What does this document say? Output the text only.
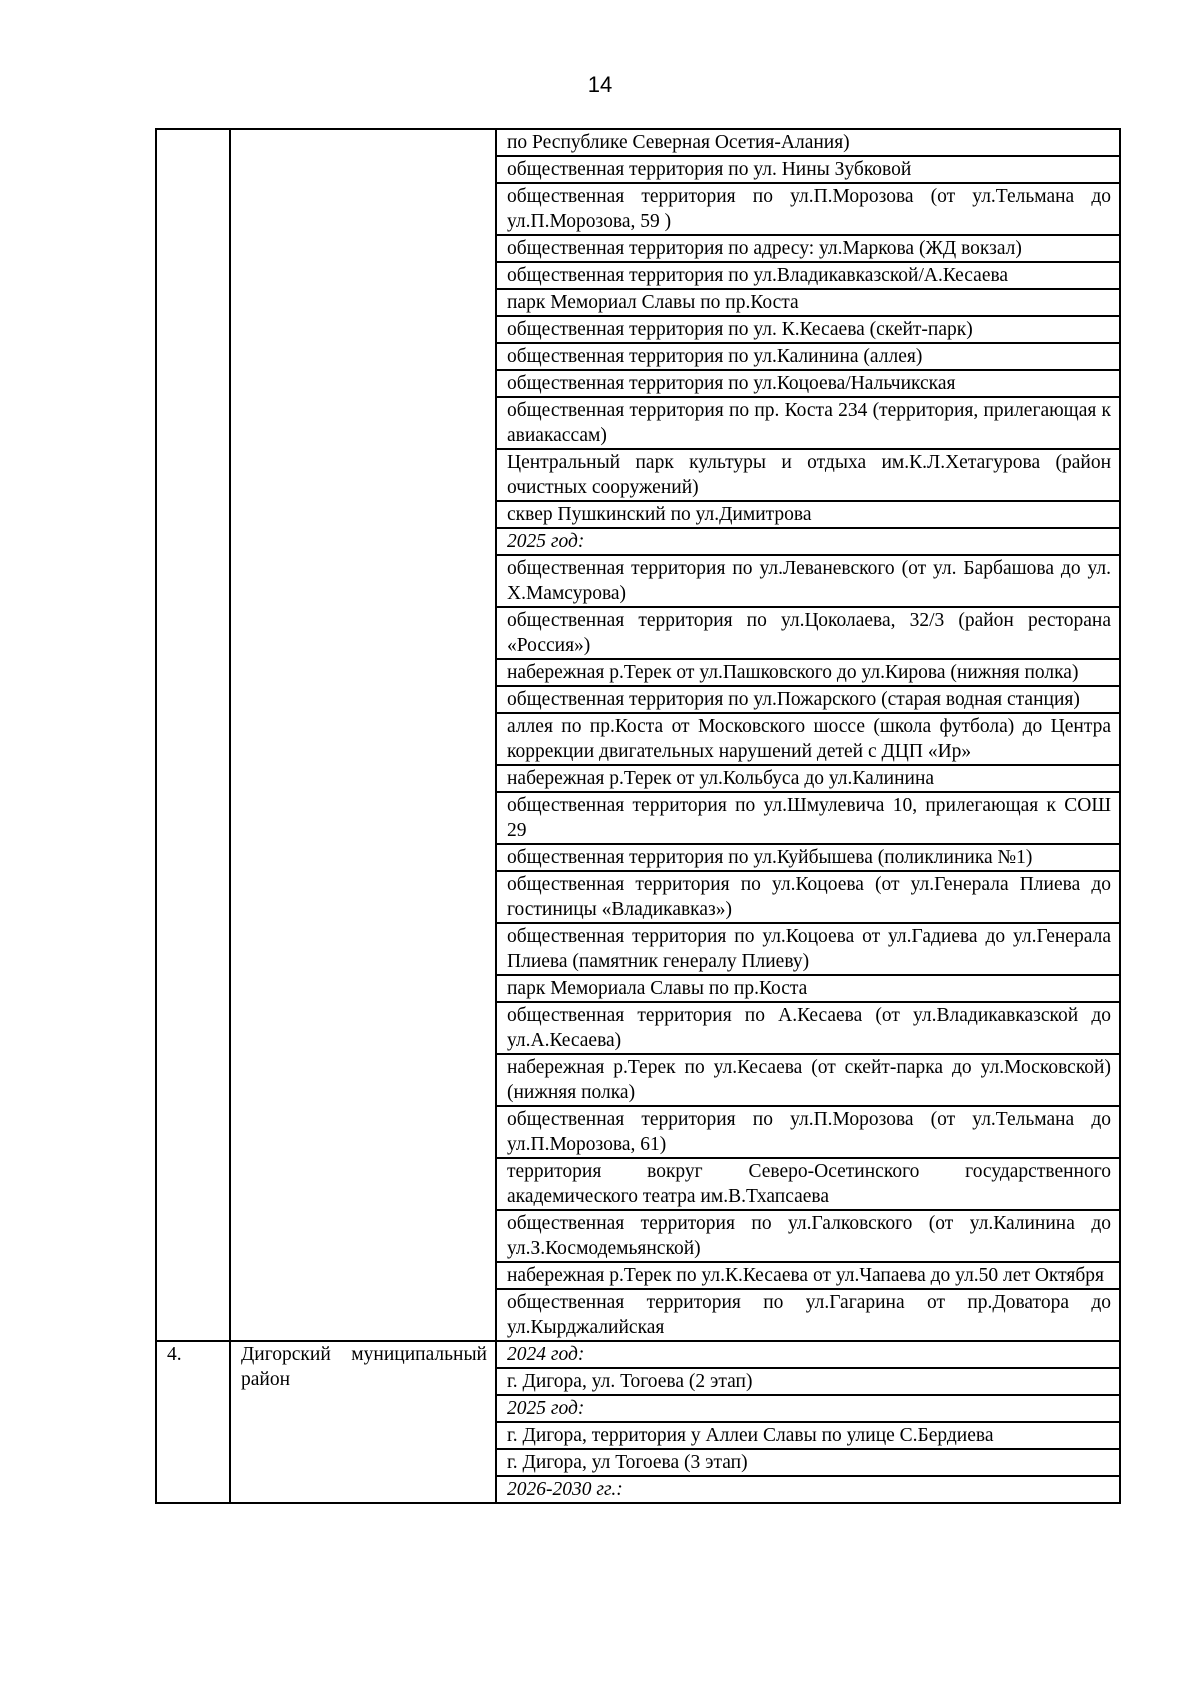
14
		по Республике Северная Осетия-Алания)
		общественная территория по ул. Нины Зубковой
		общественная территория по ул.П.Морозова (от ул.Тельмана до ул.П.Морозова, 59 )
		общественная территория по адресу: ул.Маркова (ЖД вокзал)
		общественная территория по ул.Владикавказской/А.Кесаева
		парк Мемориал Славы по пр.Коста
		общественная территория по ул. К.Кесаева (скейт-парк)
		общественная территория по ул.Калинина (аллея)
		общественная территория по ул.Коцоева/Нальчикская
		общественная территория по пр. Коста 234 (территория, прилегающая к авиакассам)
		Центральный парк культуры и отдыха им.К.Л.Хетагурова (район очистных сооружений)
		сквер Пушкинский по ул.Димитрова
		2025 год:
		общественная территория по ул.Леваневского (от ул. Барбашова до ул. Х.Мамсурова)
		общественная территория по ул.Цоколаева, 32/3 (район ресторана «Россия»)
		набережная р.Терек от ул.Пашковского до ул.Кирова (нижняя полка)
		общественная территория по ул.Пожарского (старая водная станция)
		аллея по пр.Коста от Московского шоссе (школа футбола) до Центра коррекции двигательных нарушений детей с ДЦП «Ир»
		набережная р.Терек от ул.Кольбуса до ул.Калинина
		общественная территория по ул.Шмулевича 10, прилегающая к СОШ 29
		общественная территория по ул.Куйбышева (поликлиника №1)
		общественная территория по ул.Коцоева (от ул.Генерала Плиева до гостиницы «Владикавказ»)
		общественная территория по ул.Коцоева от ул.Гадиева до ул.Генерала Плиева (памятник генералу Плиеву)
		парк Мемориала Славы по пр.Коста
		общественная территория по А.Кесаева (от ул.Владикавказской до ул.А.Кесаева)
		набережная р.Терек по ул.Кесаева (от скейт-парка до ул.Московской) (нижняя полка)
		общественная территория по ул.П.Морозова (от ул.Тельмана до ул.П.Морозова, 61)
		территория вокруг Северо-Осетинского государственного академического театра им.В.Тхапсаева
		общественная территория по ул.Галковского (от ул.Калинина до ул.З.Космодемьянской)
		набережная р.Терек по ул.К.Кесаева от ул.Чапаева до ул.50 лет Октября
		общественная территория по ул.Гагарина от пр.Доватора до ул.Кырджалийская
4.	Дигорский муниципальный район	2024 год:
		г. Дигора, ул. Тогоева (2 этап)
		2025 год:
		г. Дигора, территория у Аллеи Славы по улице С.Бердиева
		г. Дигора, ул Тогоева (3 этап)
		2026-2030 гг.:
